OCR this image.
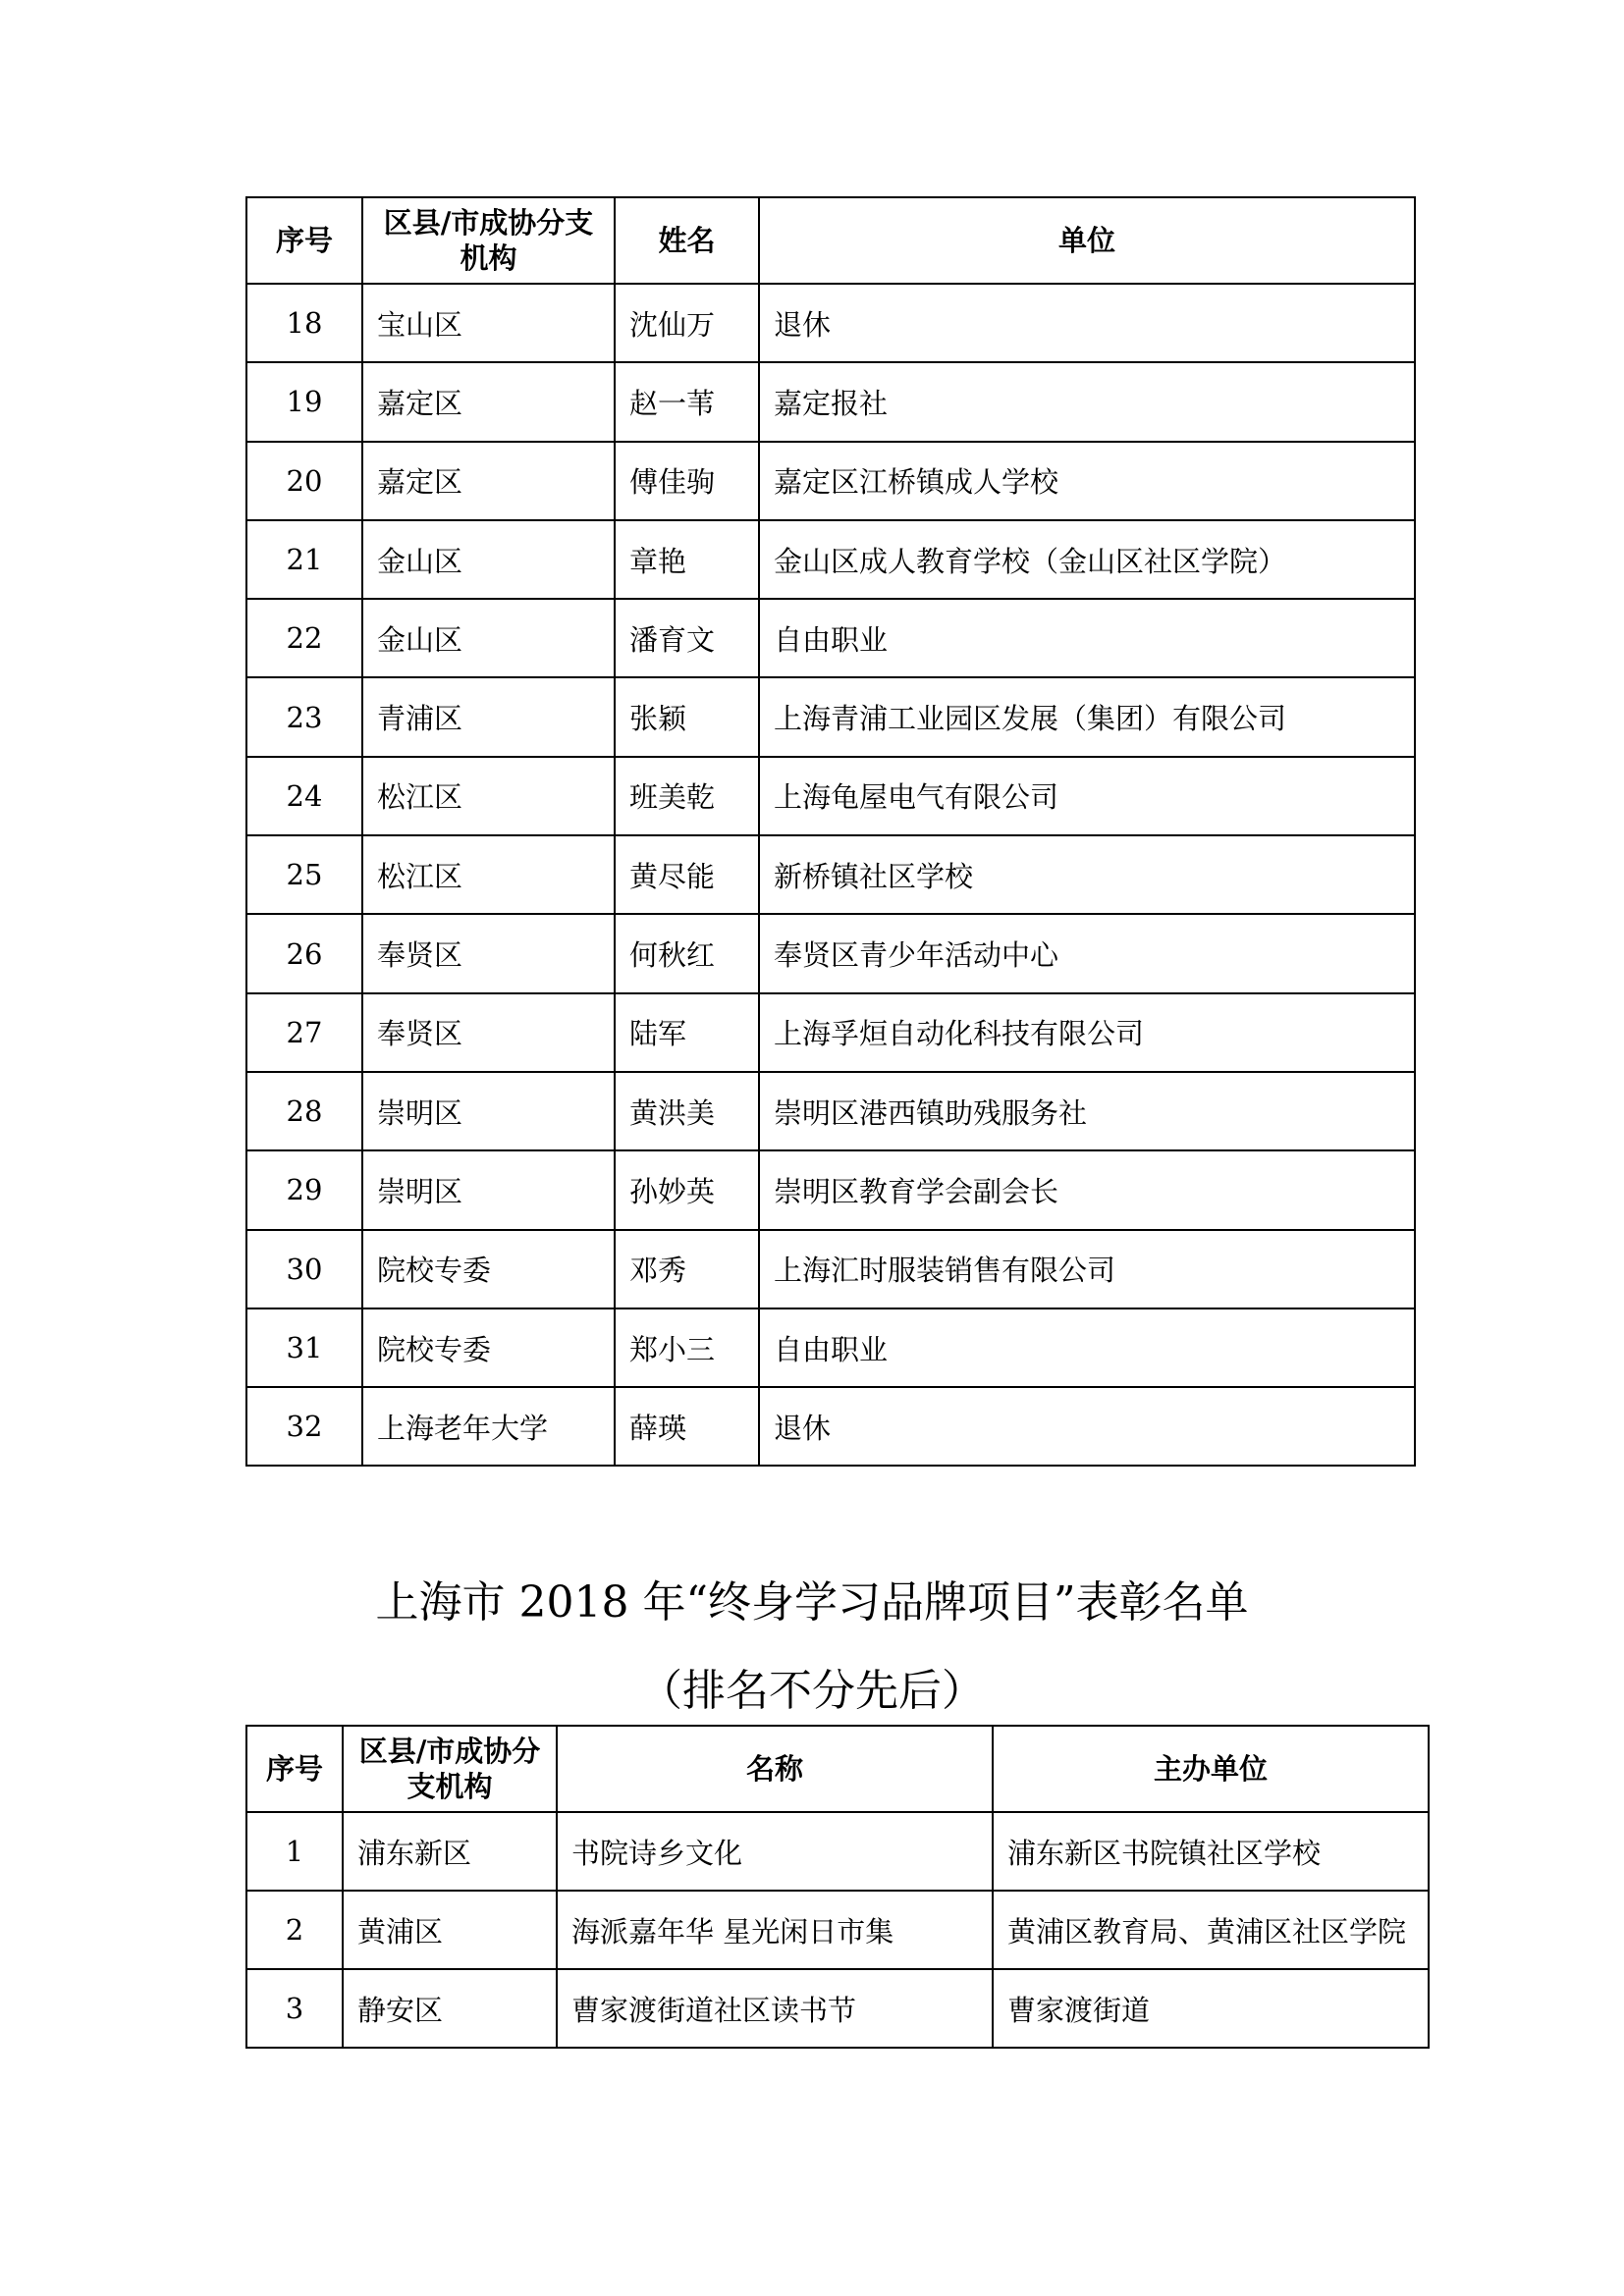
序号	区县/市成协分支机构	姓名	单位
18	宝山区	沈仙万	退休
19	嘉定区	赵一苇	嘉定报社
20	嘉定区	傅佳驹	嘉定区江桥镇成人学校
21	金山区	章艳	金山区成人教育学校（金山区社区学院）
22	金山区	潘育文	自由职业
23	青浦区	张颖	上海青浦工业园区发展（集团）有限公司
24	松江区	班美乾	上海龟屋电气有限公司
25	松江区	黄尽能	新桥镇社区学校
26	奉贤区	何秋红	奉贤区青少年活动中心
27	奉贤区	陆军	上海孚烜自动化科技有限公司
28	崇明区	黄洪美	崇明区港西镇助残服务社
29	崇明区	孙妙英	崇明区教育学会副会长
30	院校专委	邓秀	上海汇时服装销售有限公司
31	院校专委	郑小三	自由职业
32	上海老年大学	薛瑛	退休
上海市 2018 年“终身学习品牌项目”表彰名单
（排名不分先后）
序号	区县/市成协分支机构	名称	主办单位
1	浦东新区	书院诗乡文化	浦东新区书院镇社区学校
2	黄浦区	海派嘉年华 星光闲日市集	黄浦区教育局、黄浦区社区学院
3	静安区	曹家渡街道社区读书节	曹家渡街道
